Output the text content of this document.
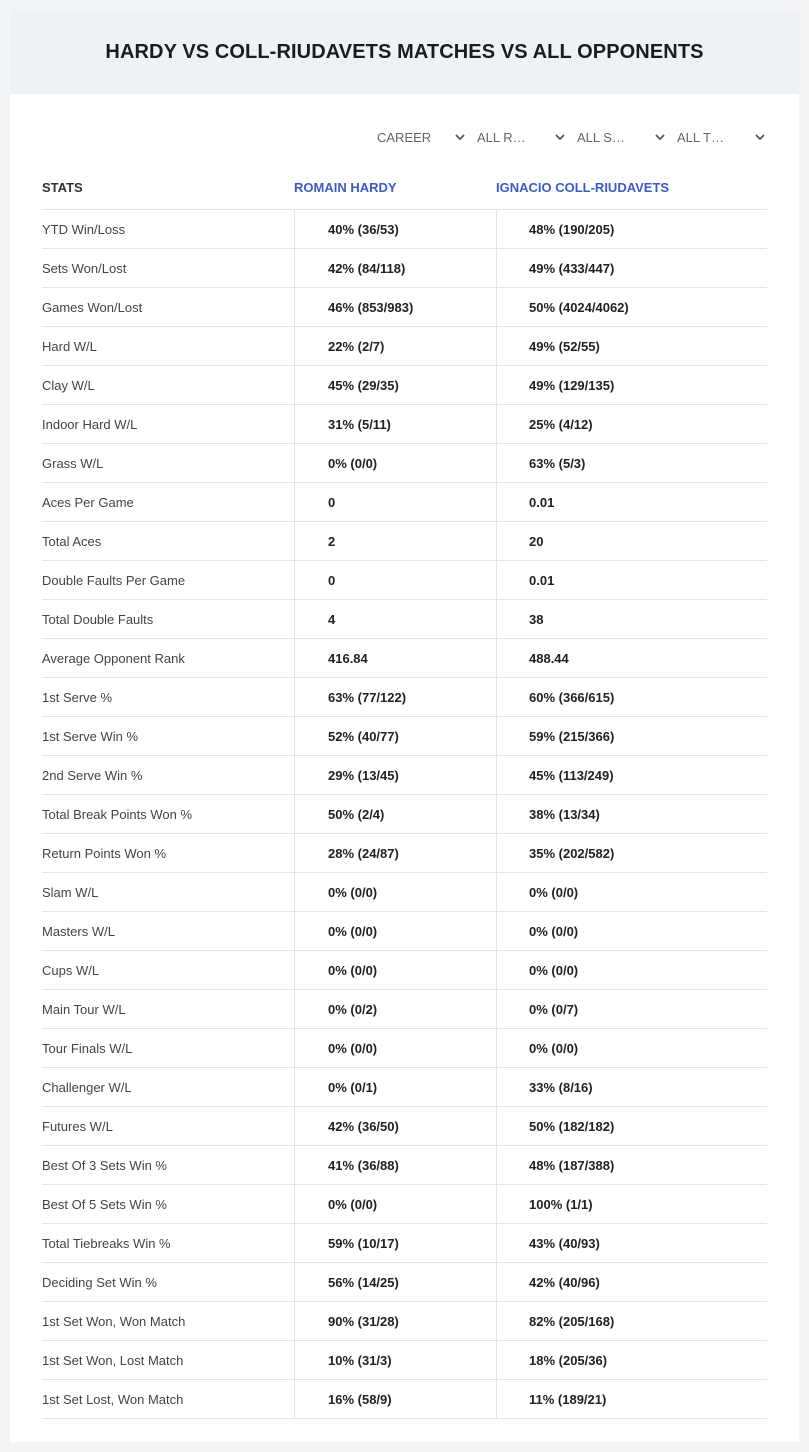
HARDY VS COLL-RIUDAVETS MATCHES VS ALL OPPONENTS
CAREER	ALL R…	ALL S…	ALL T…
STATS	ROMAIN HARDY	IGNACIO COLL-RIUDAVETS
YTD Win/Loss	40% (36/53)	48% (190/205)
Sets Won/Lost	42% (84/118)	49% (433/447)
Games Won/Lost	46% (853/983)	50% (4024/4062)
Hard W/L	22% (2/7)	49% (52/55)
Clay W/L	45% (29/35)	49% (129/135)
Indoor Hard W/L	31% (5/11)	25% (4/12)
Grass W/L	0% (0/0)	63% (5/3)
Aces Per Game	0	0.01
Total Aces	2	20
Double Faults Per Game	0	0.01
Total Double Faults	4	38
Average Opponent Rank	416.84	488.44
1st Serve %	63% (77/122)	60% (366/615)
1st Serve Win %	52% (40/77)	59% (215/366)
2nd Serve Win %	29% (13/45)	45% (113/249)
Total Break Points Won %	50% (2/4)	38% (13/34)
Return Points Won %	28% (24/87)	35% (202/582)
Slam W/L	0% (0/0)	0% (0/0)
Masters W/L	0% (0/0)	0% (0/0)
Cups W/L	0% (0/0)	0% (0/0)
Main Tour W/L	0% (0/2)	0% (0/7)
Tour Finals W/L	0% (0/0)	0% (0/0)
Challenger W/L	0% (0/1)	33% (8/16)
Futures W/L	42% (36/50)	50% (182/182)
Best Of 3 Sets Win %	41% (36/88)	48% (187/388)
Best Of 5 Sets Win %	0% (0/0)	100% (1/1)
Total Tiebreaks Win %	59% (10/17)	43% (40/93)
Deciding Set Win %	56% (14/25)	42% (40/96)
1st Set Won, Won Match	90% (31/28)	82% (205/168)
1st Set Won, Lost Match	10% (31/3)	18% (205/36)
1st Set Lost, Won Match	16% (58/9)	11% (189/21)
